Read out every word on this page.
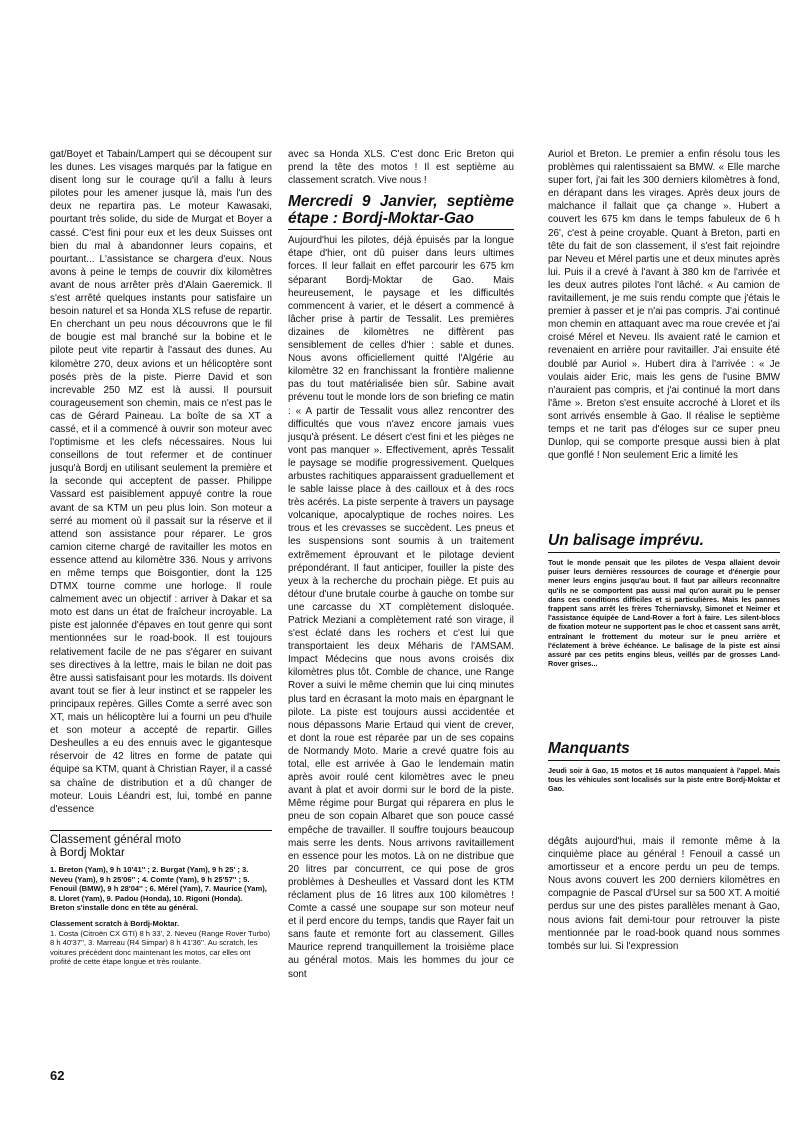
gat/Boyet et Tabain/Lampert qui se découpent sur les dunes. Les visages marqués par la fatigue en disent long sur le courage qu'il a fallu à leurs pilotes pour les amener jusque là, mais l'un des deux ne repartira pas. Le moteur Kawasaki, pourtant très solide, du side de Murgat et Boyer a cassé. C'est fini pour eux et les deux Suisses ont bien du mal à abandonner leurs copains, et pourtant... L'assistance se chargera d'eux. Nous avons à peine le temps de couvrir dix kilomètres avant de nous arrêter près d'Alain Gaeremick. Il s'est arrêté quelques instants pour satisfaire un besoin naturel et sa Honda XLS refuse de repartir. En cherchant un peu nous découvrons que le fil de bougie est mal branché sur la bobine et le pilote peut vite repartir à l'assaut des dunes. Au kilomètre 270, deux avions et un hélicoptère sont posés près de la piste. Pierre David et son increvable 250 MZ est là aussi. Il poursuit courageusement son chemin, mais ce n'est pas le cas de Gérard Paineau. La boîte de sa XT a cassé, et il a commencé à ouvrir son moteur avec l'optimisme et les clefs nécessaires. Nous lui conseillons de tout refermer et de continuer jusqu'à Bordj en utilisant seulement la première et la seconde qui acceptent de passer. Philippe Vassard est paisiblement appuyé contre la roue avant de sa KTM un peu plus loin. Son moteur a serré au moment où il passait sur la réserve et il attend son assistance pour réparer. Le gros camion citerne chargé de ravitailler les motos en essence attend au kilomètre 336. Nous y arrivons en même temps que Boisgontier, dont la 125 DTMX tourne comme une horloge. Il roule calmement avec un objectif : arriver à Dakar et sa moto est dans un état de fraîcheur incroyable. La piste est jalonnée d'épaves en tout genre qui sont mentionnées sur le road-book. Il est toujours relativement facile de ne pas s'égarer en suivant ses directives à la lettre, mais le bilan ne doit pas être aussi satisfaisant pour les motards. Ils doivent avant tout se fier à leur instinct et se rappeler les principaux repères. Gilles Comte a serré avec son XT, mais un hélicoptère lui a fourni un peu d'huile et son moteur a accepté de repartir. Gilles Desheulles a eu des ennuis avec le gigantesque réservoir de 42 litres en forme de patate qui équipe sa KTM, quant à Christian Rayer, il a cassé sa chaîne de distribution et a dû changer de moteur. Louis Léandri est, lui, tombé en panne d'essence

Classement général moto
à Bordj Moktar
1. Breton (Yam), 9 h 10'41'' ; 2. Burgat (Yam), 9 h 25' ; 3. Neveu (Yam), 9 h 25'06'' ; 4. Comte (Yam), 9 h 25'57'' ; 5. Fenouil (BMW), 9 h 28'04'' ; 6. Mérel (Yam), 7. Maurice (Yam), 8. Lloret (Yam), 9. Padou (Honda), 10. Rigoni (Honda).
Breton s'installe donc en tête au général.
Classement scratch à Bordj-Moktar.
1. Costa (Citroën CX GTI) 8 h 33', 2. Neveu (Range Rover Turbo) 8 h 40'37'', 3. Marreau (R4 Simpar) 8 h 41'36''. Au scratch, les voitures précèdent donc maintenant les motos, car elles ont profité de cette étape longue et très roulante.

avec sa Honda XLS. C'est donc Eric Breton qui prend la tête des motos ! Il est septième au classement scratch. Vive nous !

Mercredi 9 Janvier, septième étape : Bordj-Moktar-Gao

Aujourd'hui les pilotes, déjà épuisés par la longue étape d'hier, ont dû puiser dans leurs ultimes forces. Il leur fallait en effet parcourir les 675 km séparant Bordj-Moktar de Gao. Mais heureusement, le paysage et les difficultés commencent à varier, et le désert a commencé à lâcher prise à partir de Tessalit. Les premières dizaines de kilomètres ne diffèrent pas sensiblement de celles d'hier : sable et dunes. Nous avons officiellement quitté l'Algérie au kilomètre 32 en franchissant la frontière malienne pas du tout matérialisée bien sûr. Sabine avait prévenu tout le monde lors de son briefing ce matin : « A partir de Tessalit vous allez rencontrer des difficultés que vous n'avez encore jamais vues jusqu'à présent. Le désert c'est fini et les pièges ne vont pas manquer ». Effectivement, après Tessalit le paysage se modifie progressivement. Quelques arbustes rachitiques apparaissent graduellement et le sable laisse place à des cailloux et à des rocs très acérés. La piste serpente à travers un paysage volcanique, apocalyptique de roches noires. Les trous et les crevasses se succèdent. Les pneus et les suspensions sont soumis à un traitement extrêmement éprouvant et le pilotage devient prépondérant. Il faut anticiper, fouiller la piste des yeux à la recherche du prochain piège. Et puis au détour d'une brutale courbe à gauche on tombe sur une carcasse du XT complètement disloquée. Patrick Meziani a complètement raté son virage, il s'est éclaté dans les rochers et c'est lui que transportaient les deux Méharis de l'AMSAM. Impact Médecins que nous avons croisés dix kilomètres plus tôt. Comble de chance, une Range Rover a suivi le même chemin que lui cinq minutes plus tard en écrasant la moto mais en épargnant le pilote. La piste est toujours aussi accidentée et nous dépassons Marie Ertaud qui vient de crever, et dont la roue est réparée par un de ses copains de Normandy Moto. Marie a crevé quatre fois au total, elle est arrivée à Gao le lendemain matin après avoir roulé cent kilomètres avec le pneu avant à plat et avoir dormi sur le bord de la piste. Même régime pour Burgat qui réparera en plus le pneu de son copain Albaret que son pouce cassé empêche de travailler. Il souffre toujours beaucoup mais serre les dents. Nous arrivons ravitaillement en essence pour les motos. Là on ne distribue que 20 litres par concurrent, ce qui pose de gros problèmes à Desheulles et Vassard dont les KTM réclament plus de 16 litres aux 100 kilomètres ! Comte a cassé une soupape sur son moteur neuf et il perd encore du temps, tandis que Rayer fait un sans faute et remonte fort au classement. Gilles Maurice reprend tranquillement la troisième place au général motos. Mais les hommes du jour ce sont

Auriol et Breton. Le premier a enfin résolu tous les problèmes qui ralentissaient sa BMW. « Elle marche super fort, j'ai fait les 300 derniers kilomètres à fond, en dérapant dans les virages. Après deux jours de malchance il fallait que ça change ». Hubert a couvert les 675 km dans le temps fabuleux de 6 h 26', c'est à peine croyable. Quant à Breton, parti en tête du fait de son classement, il s'est fait rejoindre par Neveu et Mérel partis une et deux minutes après lui. Puis il a crevé à l'avant à 380 km de l'arrivée et les deux autres pilotes l'ont lâché. « Au camion de ravitaillement, je me suis rendu compte que j'étais le premier à passer et je n'ai pas compris. J'ai continué mon chemin en attaquant avec ma roue crevée et j'ai croisé Mérel et Neveu. Ils avaient raté le camion et revenaient en arrière pour ravitailler. J'ai ensuite été doublé par Auriol ». Hubert dira à l'arrivée : « Je voulais aider Eric, mais les gens de l'usine BMW n'auraient pas compris, et j'ai continué la mort dans l'âme ». Breton s'est ensuite accroché à Lloret et ils sont arrivés ensemble à Gao. Il réalise le septième temps et ne tarit pas d'éloges sur ce super pneu Dunlop, qui se comporte presque aussi bien à plat que gonflé ! Non seulement Eric a limité les

Un balisage imprévu.

Tout le monde pensait que les pilotes de Vespa allaient devoir puiser leurs dernières ressources de courage et d'énergie pour mener leurs engins jusqu'au bout. Il faut par ailleurs reconnaître qu'ils ne se comportent pas aussi mal qu'on aurait pu le penser dans ces conditions difficiles et si particulières. Mais les pannes frappent sans arrêt les frères Tcherniavsky, Simonet et Neimer et l'assistance équipée de Land-Rover a fort à faire. Les silent-blocs de fixation moteur ne supportent pas le choc et cassent sans arrêt, entraînant le frottement du moteur sur le pneu arrière et l'éclatement à brève échéance. Le balisage de la piste est ainsi assuré par ces petits engins bleus, veillés par de grosses Land-Rover grises...

Manquants

Jeudi soir à Gao, 15 motos et 16 autos manquaient à l'appel. Mais tous les véhicules sont localisés sur la piste entre Bordj-Moktar et Gao.

dégâts aujourd'hui, mais il remonte même à la cinquième place au général ! Fenouil a cassé un amortisseur et a encore perdu un peu de temps. Nous avons couvert les 200 derniers kilomètres en compagnie de Pascal d'Ursel sur sa 500 XT. A moitié perdus sur une des pistes parallèles menant à Gao, nous avions fait demi-tour pour retrouver la piste mentionnée par le road-book quand nous sommes tombés sur lui. Si l'expression

62
